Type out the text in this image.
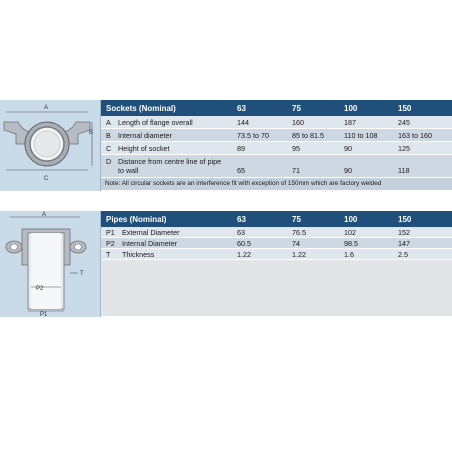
A
B
C
Sockets (Nominal)	63	75	100	150
A	Length of flange overall	144	160	187	245
B	Internal diameter	73.5 to 70	85 to 81.5	110 to 108	163 to 160
C Height of socket	89	95	90	125
D Distance from centre line of pipe to wall	65	71	90	118
Note: All circular sockets are an interference fit with exception of 150mm which are factory welded
A
T
P2
P1
Pipes (Nominal)	63	75	100	150
P1	External Diameter	63	76.5	102	152
P2	Internal Diameter	60.5	74	98.5	147
T	Thickness	1.22	1.22	1.6	2.5
